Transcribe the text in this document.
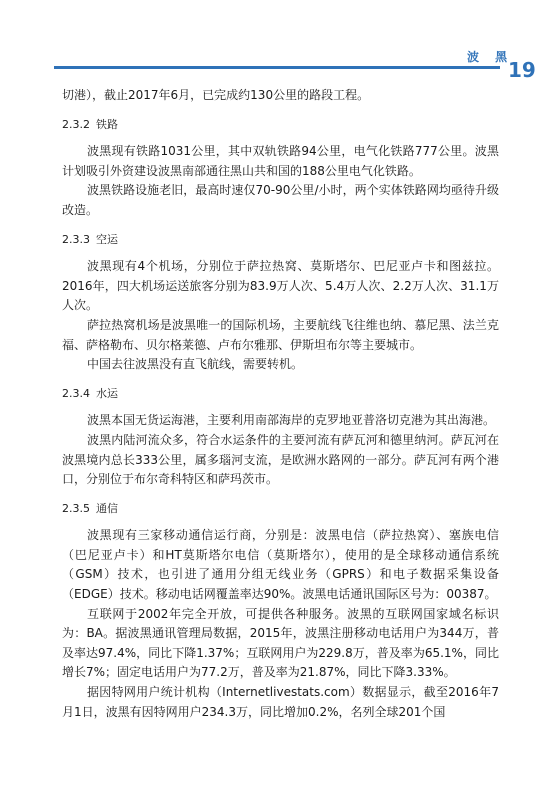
波 黑
19

切港），截止2017年6月，已完成约130公里的路段工程。

2.3.2 铁路

波黑现有铁路1031公里，其中双轨铁路94公里，电气化铁路777公里。波黑计划吸引外资建设波黑南部通往黑山共和国的188公里电气化铁路。

波黑铁路设施老旧，最高时速仅70-90公里/小时，两个实体铁路网均亟待升级改造。

2.3.3 空运

波黑现有4个机场，分别位于萨拉热窝、莫斯塔尔、巴尼亚卢卡和图兹拉。2016年，四大机场运送旅客分别为83.9万人次、5.4万人次、2.2万人次、31.1万人次。

萨拉热窝机场是波黑唯一的国际机场，主要航线飞往维也纳、慕尼黑、法兰克福、萨格勒布、贝尔格莱德、卢布尔雅那、伊斯坦布尔等主要城市。

中国去往波黑没有直飞航线，需要转机。

2.3.4 水运

波黑本国无货运海港，主要利用南部海岸的克罗地亚普洛切克港为其出海港。

波黑内陆河流众多，符合水运条件的主要河流有萨瓦河和德里纳河。萨瓦河在波黑境内总长333公里，属多瑙河支流，是欧洲水路网的一部分。萨瓦河有两个港口，分别位于布尔奇科特区和萨玛茨市。

2.3.5 通信

波黑现有三家移动通信运行商，分别是：波黑电信（萨拉热窝）、塞族电信（巴尼亚卢卡）和HT莫斯塔尔电信（莫斯塔尔），使用的是全球移动通信系统（GSM）技术，也引进了通用分组无线业务（GPRS）和电子数据采集设备（EDGE）技术。移动电话网覆盖率达90%。波黑电话通讯国际区号为：00387。

互联网于2002年完全开放，可提供各种服务。波黑的互联网国家域名标识为：BA。据波黑通讯管理局数据，2015年，波黑注册移动电话用户为344万，普及率达97.4%，同比下降1.37%；互联网用户为229.8万，普及率为65.1%，同比增长7%；固定电话用户为77.2万，普及率为21.87%，同比下降3.33%。

据因特网用户统计机构（Internetlivestats.com）数据显示，截至2016年7月1日，波黑有因特网用户234.3万，同比增加0.2%，名列全球201个国
